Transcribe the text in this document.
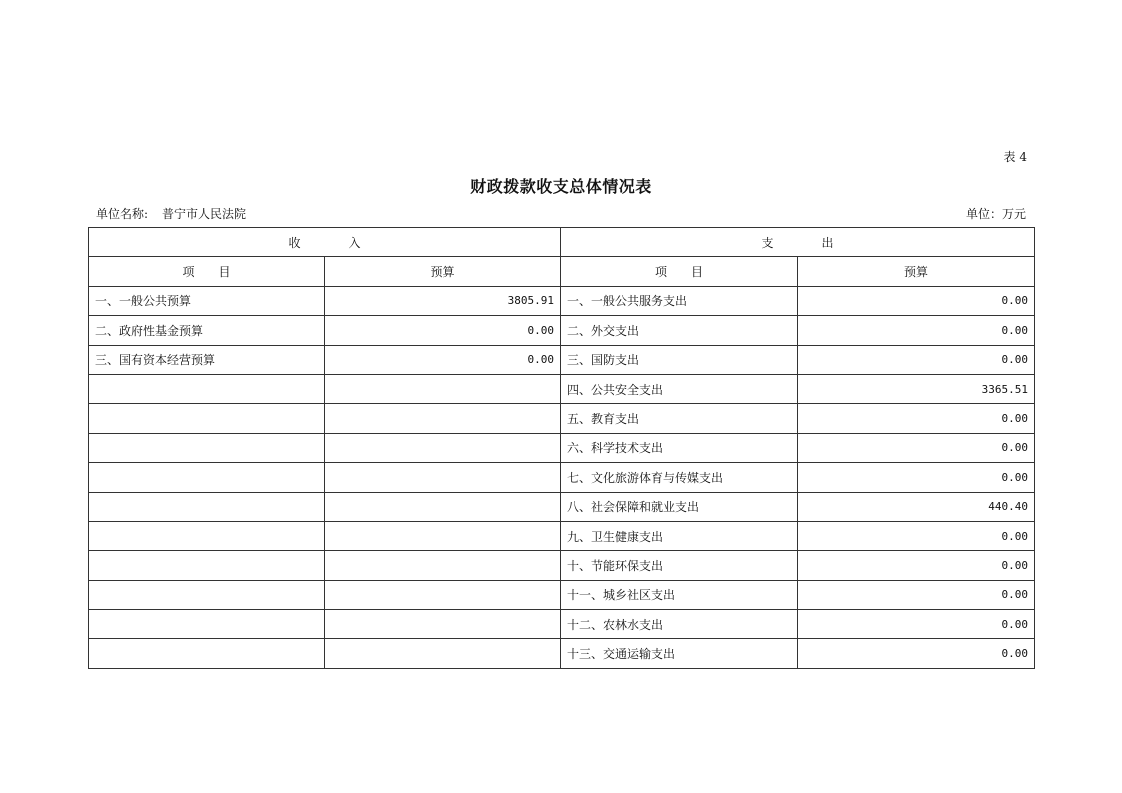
表 4
财政拨款收支总体情况表
单位名称: 普宁市人民法院	单位：万元
收　　　　入		支　　　　出	
项　　目	预算	项　　目	预算
一、一般公共预算	3805.91	一、一般公共服务支出	0.00
二、政府性基金预算	0.00	二、外交支出	0.00
三、国有资本经营预算	0.00	三、国防支出	0.00
		四、公共安全支出	3365.51
		五、教育支出	0.00
		六、科学技术支出	0.00
		七、文化旅游体育与传媒支出	0.00
		八、社会保障和就业支出	440.40
		九、卫生健康支出	0.00
		十、节能环保支出	0.00
		十一、城乡社区支出	0.00
		十二、农林水支出	0.00
		十三、交通运输支出	0.00
